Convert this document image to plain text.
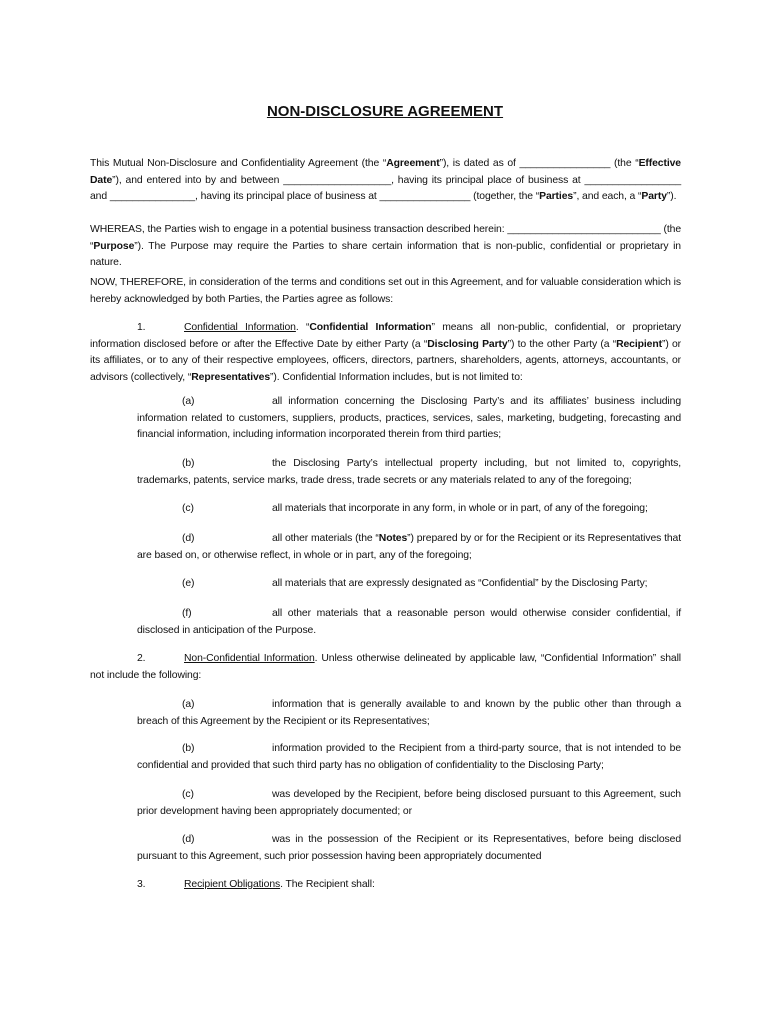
NON-DISCLOSURE AGREEMENT
This Mutual Non-Disclosure and Confidentiality Agreement (the “Agreement”), is dated as of ________________ (the “Effective Date”), and entered into by and between ___________________, having its principal place of business at _________________ and _______________, having its principal place of business at ________________ (together, the “Parties”, and each, a “Party”).
WHEREAS, the Parties wish to engage in a potential business transaction described herein: ___________________________ (the “Purpose”). The Purpose may require the Parties to share certain information that is non-public, confidential or proprietary in nature.
NOW, THEREFORE, in consideration of the terms and conditions set out in this Agreement, and for valuable consideration which is hereby acknowledged by both Parties, the Parties agree as follows:
1.	Confidential Information. “Confidential Information” means all non-public, confidential, or proprietary information disclosed before or after the Effective Date by either Party (a “Disclosing Party”) to the other Party (a “Recipient”) or its affiliates, or to any of their respective employees, officers, directors, partners, shareholders, agents, attorneys, accountants, or advisors (collectively, “Representatives”). Confidential Information includes, but is not limited to:
(a)	all information concerning the Disclosing Party’s and its affiliates’ business including information related to customers, suppliers, products, practices, services, sales, marketing, budgeting, forecasting and financial information, including information incorporated therein from third parties;
(b)	the Disclosing Party’s intellectual property including, but not limited to, copyrights, trademarks, patents, service marks, trade dress, trade secrets or any materials related to any of the foregoing;
(c)	all materials that incorporate in any form, in whole or in part, of any of the foregoing;
(d)	all other materials (the “Notes”) prepared by or for the Recipient or its Representatives that are based on, or otherwise reflect, in whole or in part, any of the foregoing;
(e)	all materials that are expressly designated as “Confidential” by the Disclosing Party;
(f)	all other materials that a reasonable person would otherwise consider confidential, if disclosed in anticipation of the Purpose.
2.	Non-Confidential Information. Unless otherwise delineated by applicable law, “Confidential Information” shall not include the following:
(a)	information that is generally available to and known by the public other than through a breach of this Agreement by the Recipient or its Representatives;
(b)	information provided to the Recipient from a third-party source, that is not intended to be confidential and provided that such third party has no obligation of confidentiality to the Disclosing Party;
(c)	was developed by the Recipient, before being disclosed pursuant to this Agreement, such prior development having been appropriately documented; or
(d)	was in the possession of the Recipient or its Representatives, before being disclosed pursuant to this Agreement, such prior possession having been appropriately documented
3.	Recipient Obligations. The Recipient shall:
